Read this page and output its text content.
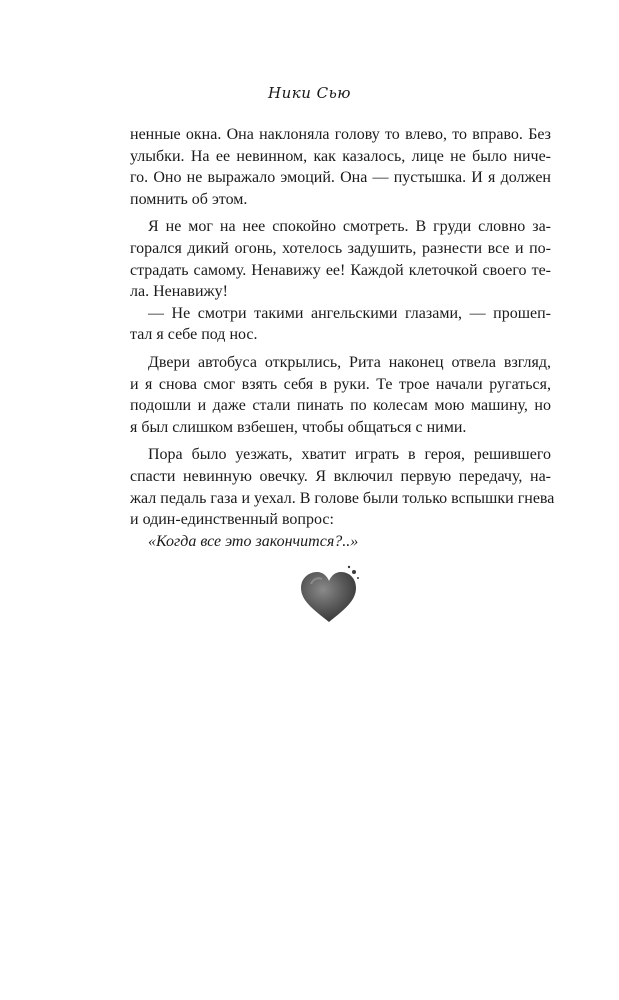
Ники Сью
ненные окна. Она наклоняла голову то влево, то вправо. Без
улыбки. На ее невинном, как казалось, лице не было ниче-
го. Оно не выражало эмоций. Она — пустышка. И я должен
помнить об этом.
Я не мог на нее спокойно смотреть. В груди словно за-
горался дикий огонь, хотелось задушить, разнести все и по-
страдать самому. Ненавижу ее! Каждой клеточкой своего те-
ла. Ненавижу!
— Не смотри такими ангельскими глазами, — прошеп-
тал я себе под нос.
Двери автобуса открылись, Рита наконец отвела взгляд,
и я снова смог взять себя в руки. Те трое начали ругаться,
подошли и даже стали пинать по колесам мою машину, но
я был слишком взбешен, чтобы общаться с ними.
Пора было уезжать, хватит играть в героя, решившего
спасти невинную овечку. Я включил первую передачу, на-
жал педаль газа и уехал. В голове были только вспышки гнева
и один-единственный вопрос:
«Когда все это закончится?..»
